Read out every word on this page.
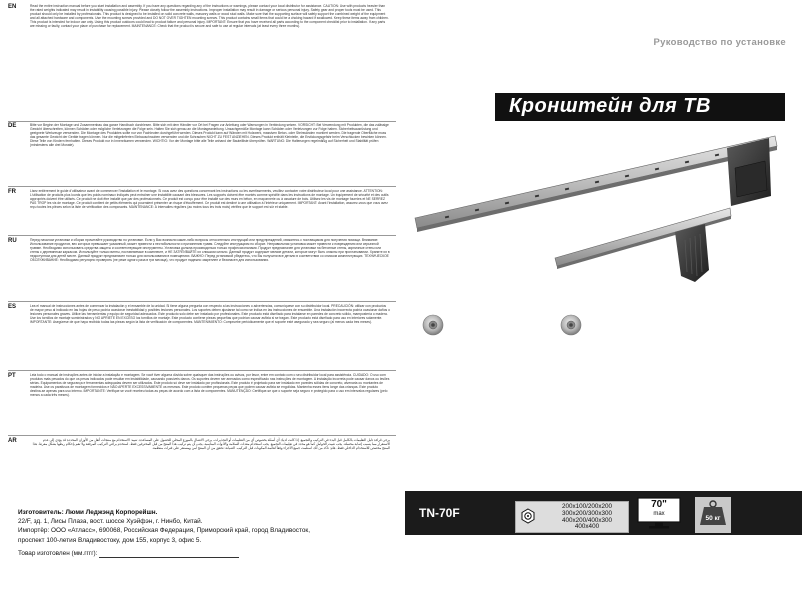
EN	Read the entire instruction manual before you start installation and assembly. If you have any questions regarding any of the instructions or warnings, please contact your local distributor for assistance. CAUTION: Use with products heavier than the rated weights indicated may result in instability causing possible injury. Please closely follow the assembly instructions. Improper installation may result in damage or serious personal injury. Safety gear and proper tools must be used. This product should only be installed by professionals. This product is designed to be installed on solid concrete walls, masonry walls or wood stud walls. Make sure that the supporting surface will safely support the combined weight of the equipment and all attached hardware and components. Use the mounting screws provided and DO NOT OVER TIGHTEN mounting screws. This product contains small items that could be a choking hazard if swallowed. Keep these items away from children. This product is intended for indoor use only. Using this product outdoors could lead to product failure and personal injury. IMPORTANT: Ensure that you have received all parts according to the component checklist prior to installation. If any parts are missing or faulty, contact your place of purchase for replacement. MAINTENANCE: Check that the product is secure and safe to use at regular intervals (at least every three months).
DE	Bitte vor Beginn der Montage und Zusammenbau das ganze Handbuch durchlesen. Bitte sich mit dem Händler vor Ort bei Fragen zur Anleitung oder Warnungen in Verbindung setzen. VORSICHT: Bei Verwendung mit Produkten, die das zulässige Gewicht überschreiten, können Schäden oder mögliche Verletzungen die Folge sein. Halten Sie sich genau an die Montageanleitung. Unsachgemäße Montage kann Schäden oder Verletzungen zur Folge haben. Sicherheitsausrüstung und geeignete Werkzeuge verwenden. Die Montage des Produktes sollte nur von Fachleuten durchgeführt werden. Dieses Produkt kann auf Wänden mit Holzwerk, massiven Beton- oder Steinwänden montiert werden. Die tragende Oberfläche muss das gesamte Gewicht der Geräte tragen können. Nur die mitgelieferten Einbauschrauben verwenden und die Schrauben NICHT ZU FEST ANZIEHEN. Dieses Produkt enthält Kleinteile, die Erstickungsgefahr beim Verschlucken bewirken können. Diese Teile von Kindern fernhalten. Dieses Produkt nur in Innenräumen verwenden. WICHTIG: Vor der Montage bitte alle Teile anhand der Bauteilliste überprüfen. WARTUNG: Die Halterungen regelmäßig auf Sicherheit und Stabilität prüfen (mindestens alle drei Monate).
FR	Lisez entièrement le guide d'utilisateur avant de commencer l'installation et le montage. Si vous avez des questions concernant les instructions ou les avertissements, veuillez contacter votre distributeur local pour une assistance. ATTENTION: L'utilisation de produits plus lourds que les poids nominaux indiqués peut entraîner une instabilité causant des blessures. Les supports doivent être montés comme spécifié dans les instructions de montage. Un équipement de sécurité et des outils appropriés doivent être utilisés. Ce produit ne doit être installé que par des professionnels. Ce produit est conçu pour être installé sur des murs en béton, en maçonnerie ou à ossature de bois. Utilisez les vis de montage fournies et NE SERREZ PAS TROP les vis de montage. Ce produit contient de petits éléments qui pourraient présenter un risque d'étouffement. Ce produit est destiné à une utilisation à l'intérieur uniquement. IMPORTANT: Avant l'installation, assurez-vous que vous avez reçu toutes les pièces selon la liste de vérification des composants. MAINTENANCE: À intervalles réguliers (au moins tous les trois mois) vérifiez que le support est sûr et stable.
RU	Перед началом установки и сборки прочитайте руководство по установке. Если у Вас возникли какие-либо вопросы относительно инструкций или предупреждений, свяжитесь с поставщиком для получения помощи. Внимание: Использование продуктов, вес которых превышает указанный, может привести к нестабильности и причинению травм. Следуйте инструкциям по сборке. Неправильная установка может привести к повреждению или серьезной травме. Необходимо использовать средства защиты и соответствующие инструменты. Установка должна производиться только профессионалами. Продукт предназначен для установки на бетонные стены, кирпичные стены или стены с деревянным каркасом. Используйте только винты, поставляемые в комплекте, и НЕ ЗАТЯГИВАЙТЕ их слишком сильно. Данный продукт содержит мелкие детали, которые могут быть опасны при проглатывании. Храните их в недоступном для детей месте. Данный продукт предназначен только для использования в помещениях. ВАЖНО: Перед установкой убедитесь, что Вы получили все детали в соответствии со списком комплектующих. ТЕХНИЧЕСКОЕ ОБСЛУЖИВАНИЕ: Необходимо регулярно проверять (не реже одного раза в три месяца), что продукт надежно закреплен и безопасен для использования.
ES	Lea el manual de instrucciones antes de comenzar la instalación y el ensamble de la unidad. Si tiene alguna pregunta con respecto a las instrucciones o advertencias, comuníquese con su distribuidor local. PRECAUCIÓN: utilizar con productos de mayor peso al indicado en las hojas de peso podría ocasionar inestabilidad y posibles lesiones personales. Los soportes deben ajustarse tal como se indica en las instrucciones de ensamble. Una instalación incorrecta podría ocasionar daños o lesiones personales graves. Utilice las herramientas y equipo de seguridad adecuados. Este producto solo debe ser instalado por profesionales. Este producto está diseñado para instalarse en paredes de concreto sólido, mampostería o madera. Use los tornillos de montaje suministrados y NO APRIETE EN EXCESO los tornillos de montaje. Este producto contiene piezas pequeñas que podrían causar asfixia si se tragan. Este producto está diseñado para uso en interiores solamente. IMPORTANTE: Asegúrese de que haya recibido todas las piezas según la lista de verificación de componentes. MANTENIMIENTO: Compruebe periódicamente que el soporte esté asegurado y sea seguro (al menos cada tres meses).
PT	Leia todo o manual de instruções antes de iniciar a instalação e montagem. Se você tiver alguma dúvida sobre quaisquer das instruções ou avisos, por favor, entre em contato com o seu distribuidor local para assistência. CUIDADO: O uso com produtos mais pesados do que os pesos indicados pode resultar em instabilidade, causando possíveis danos. Os suportes devem ser anexados como especificado nas instruções de montagem. A instalação incorreta pode causar danos ou lesões sérias. Equipamentos de segurança e ferramentas adequadas devem ser utilizados. Este produto só deve ser instalado por profissionais. Este produto é projetado para ser instalado em paredes sólidas de concreto, alvenaria ou montantes de madeira. Use os parafusos de montagem fornecidos e NÃO APERTE EXCESSIVAMENTE os mesmos. Este produto contém pequenas peças que podem causar asfixia se engolidas. Mantenha esses itens longe das crianças. Este produto destina-se apenas para uso interno. IMPORTANTE: Verifique se você recebeu todas as peças de acordo com a lista de componentes. MANUTENÇÃO: Certifique-se que o suporte seja seguro e protegido para o uso em intervalos regulares (pelo menos a cada três meses).
AR	يرجى قراءة دليل التعليمات بالكامل قبل البدء في التركيب والتجميع. إذا كانت لديك أي أسئلة بخصوص أي من التعليمات أو التحذيرات، يرجى الاتصال بالموزع المحلي للحصول على المساعدة. تنبيه: الاستخدام مع منتجات أثقل من الأوزان المحددة قد يؤدي إلى عدم الاستقرار مما يسبب إصابة محتملة. يجب تثبيت الحوامل كما هو محدد في تعليمات التجميع. يجب استخدام معدات السلامة والأدوات المناسبة. يجب أن يتم تركيب هذا المنتج من قبل المحترفين فقط. استخدم براغي التركيب المرفقة ولا تقم بإحكام ربطها بشكل مفرط. هذا المنتج مخصص للاستخدام الداخلي فقط. هام: تأكد من أنك استلمت جميع الأجزاء وفقاً لقائمة المكونات قبل التركيب. الصيانة: تحقق من أن المنتج آمن ومستقر على فترات منتظمة.
Изготовитель: Люми Леджэнд Корпорейшн.
22/F, зд. 1, Лисы Плаза, вост. шоссе Хуэйфэн, г. Нинбо, Китай.
Импортёр: ООО «Атласс», 690068, Российская Федерация, Приморский край, город Владивосток,
проспект 100-летия Владивостоку, дом 155, корпус 3, офис 5.
Товар изготовлен (мм.гггг):
Руководство по установке
Кронштейн для ТВ
TN-70F	200x100/200x200
300x200/300x300
400x200/400x300
400x400
70"
max
50 кг
